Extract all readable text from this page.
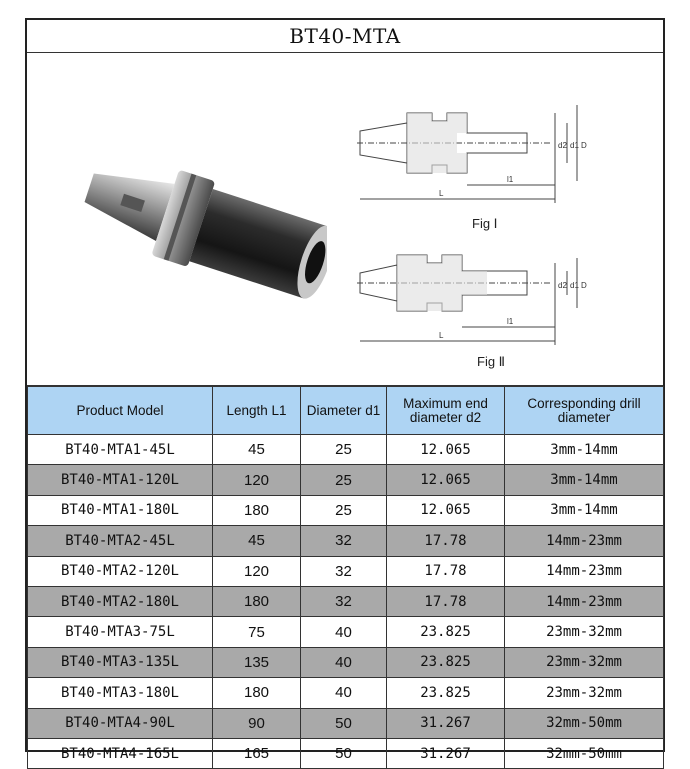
BT40-MTA
Fig Ⅰ
L
l1
d2 d1 D
Fig Ⅱ
L
l1
d2 d1 D
Product Model	Length L1	Diameter d1	Maximum end diameter d2	Corresponding drill diameter
BT40-MTA1-45L	45	25	12.065	3mm-14mm
BT40-MTA1-120L	120	25	12.065	3mm-14mm
BT40-MTA1-180L	180	25	12.065	3mm-14mm
BT40-MTA2-45L	45	32	17.78	14mm-23mm
BT40-MTA2-120L	120	32	17.78	14mm-23mm
BT40-MTA2-180L	180	32	17.78	14mm-23mm
BT40-MTA3-75L	75	40	23.825	23mm-32mm
BT40-MTA3-135L	135	40	23.825	23mm-32mm
BT40-MTA3-180L	180	40	23.825	23mm-32mm
BT40-MTA4-90L	90	50	31.267	32mm-50mm
BT40-MTA4-165L	165	50	31.267	32mm-50mm
